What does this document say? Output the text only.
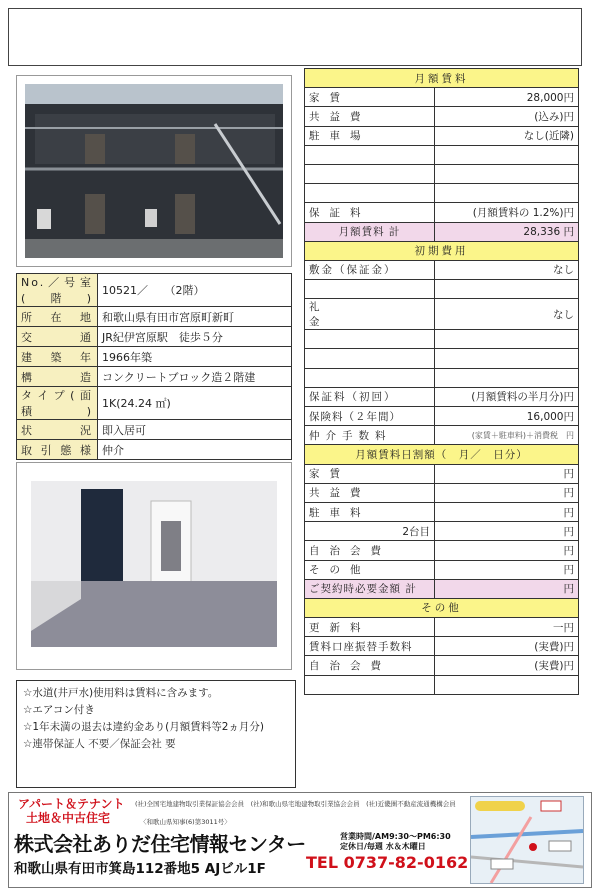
No.／号室(階)	10521／　　（2階）
所在地	和歌山県有田市宮原町新町
交通	JR紀伊宮原駅　徒歩５分
建築年	1966年築
構造	コンクリートブロック造２階建
タイプ(面積)	1K(24.24 ㎡)
状況	即入居可
取引態様	仲介
☆水道(井戸水)使用料は賃料に含みます。
☆エアコン付き
☆1年未満の退去は違約金あり(月額賃料等2ヵ月分)
☆連帯保証人 不要／保証会社 要
月額賃料	
家賃	28,000円
共益費	(込み)円
駐車場	なし(近隣)

保証料	(月額賃料の 1.2%)円
月額賃料 計	28,336 円
初期費用	
敷金（保証金）	なし

礼金	なし

保証料（初回）	(月額賃料の半月分)円
保険料（２年間）	16,000円
仲介手数料	(家賃＋駐車料)＋消費税　円
月額賃料日割額（　月／　日分）	
家賃	円
共益費	円
駐車料	円
2台目	円
自治会費	円
その他	円
ご契約時必要金額 計	円
その他	
更新料	一円
賃料口座振替手数料	(実費)円
自治会費	(実費)円

アパート＆テナント
土地＆中古住宅
(社)全国宅地建物取引業保証協会会員　(社)和歌山県宅地建物取引業協会会員　(社)近畿圏不動産流通機構会員
株式会社ありだ住宅情報センター	営業時間/AM9:30〜PM6:30
定休日/毎週 水＆木曜日
〈和歌山県知事(6)第3011号〉
和歌山県有田市箕島112番地5 AJビル1F	TEL 0737-82-0162
